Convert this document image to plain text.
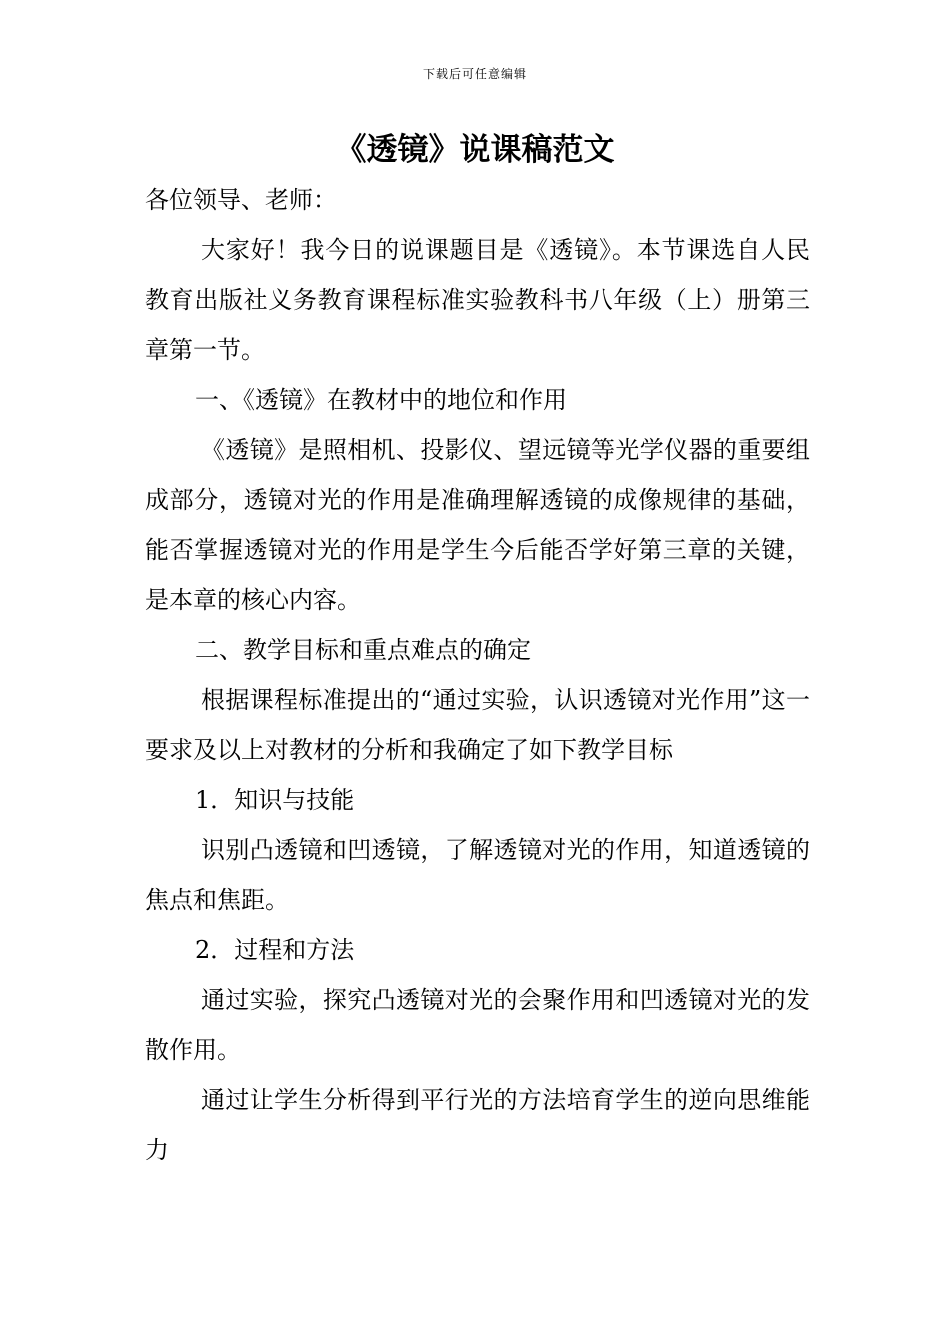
下载后可任意编辑
《透镜》说课稿范文

各位领导、老师：

大家好！我今日的说课题目是《透镜》。本节课选自人民教育出版社义务教育课程标准实验教科书八年级（上）册第三章第一节。

一、《透镜》在教材中的地位和作用

《透镜》是照相机、投影仪、望远镜等光学仪器的重要组成部分，透镜对光的作用是准确理解透镜的成像规律的基础，能否掌握透镜对光的作用是学生今后能否学好第三章的关键，是本章的核心内容。

二、教学目标和重点难点的确定

根据课程标准提出的“通过实验，认识透镜对光作用”这一要求及以上对教材的分析和我确定了如下教学目标

1．知识与技能

识别凸透镜和凹透镜，了解透镜对光的作用，知道透镜的焦点和焦距。

2．过程和方法

通过实验，探究凸透镜对光的会聚作用和凹透镜对光的发散作用。

通过让学生分析得到平行光的方法培育学生的逆向思维能力
